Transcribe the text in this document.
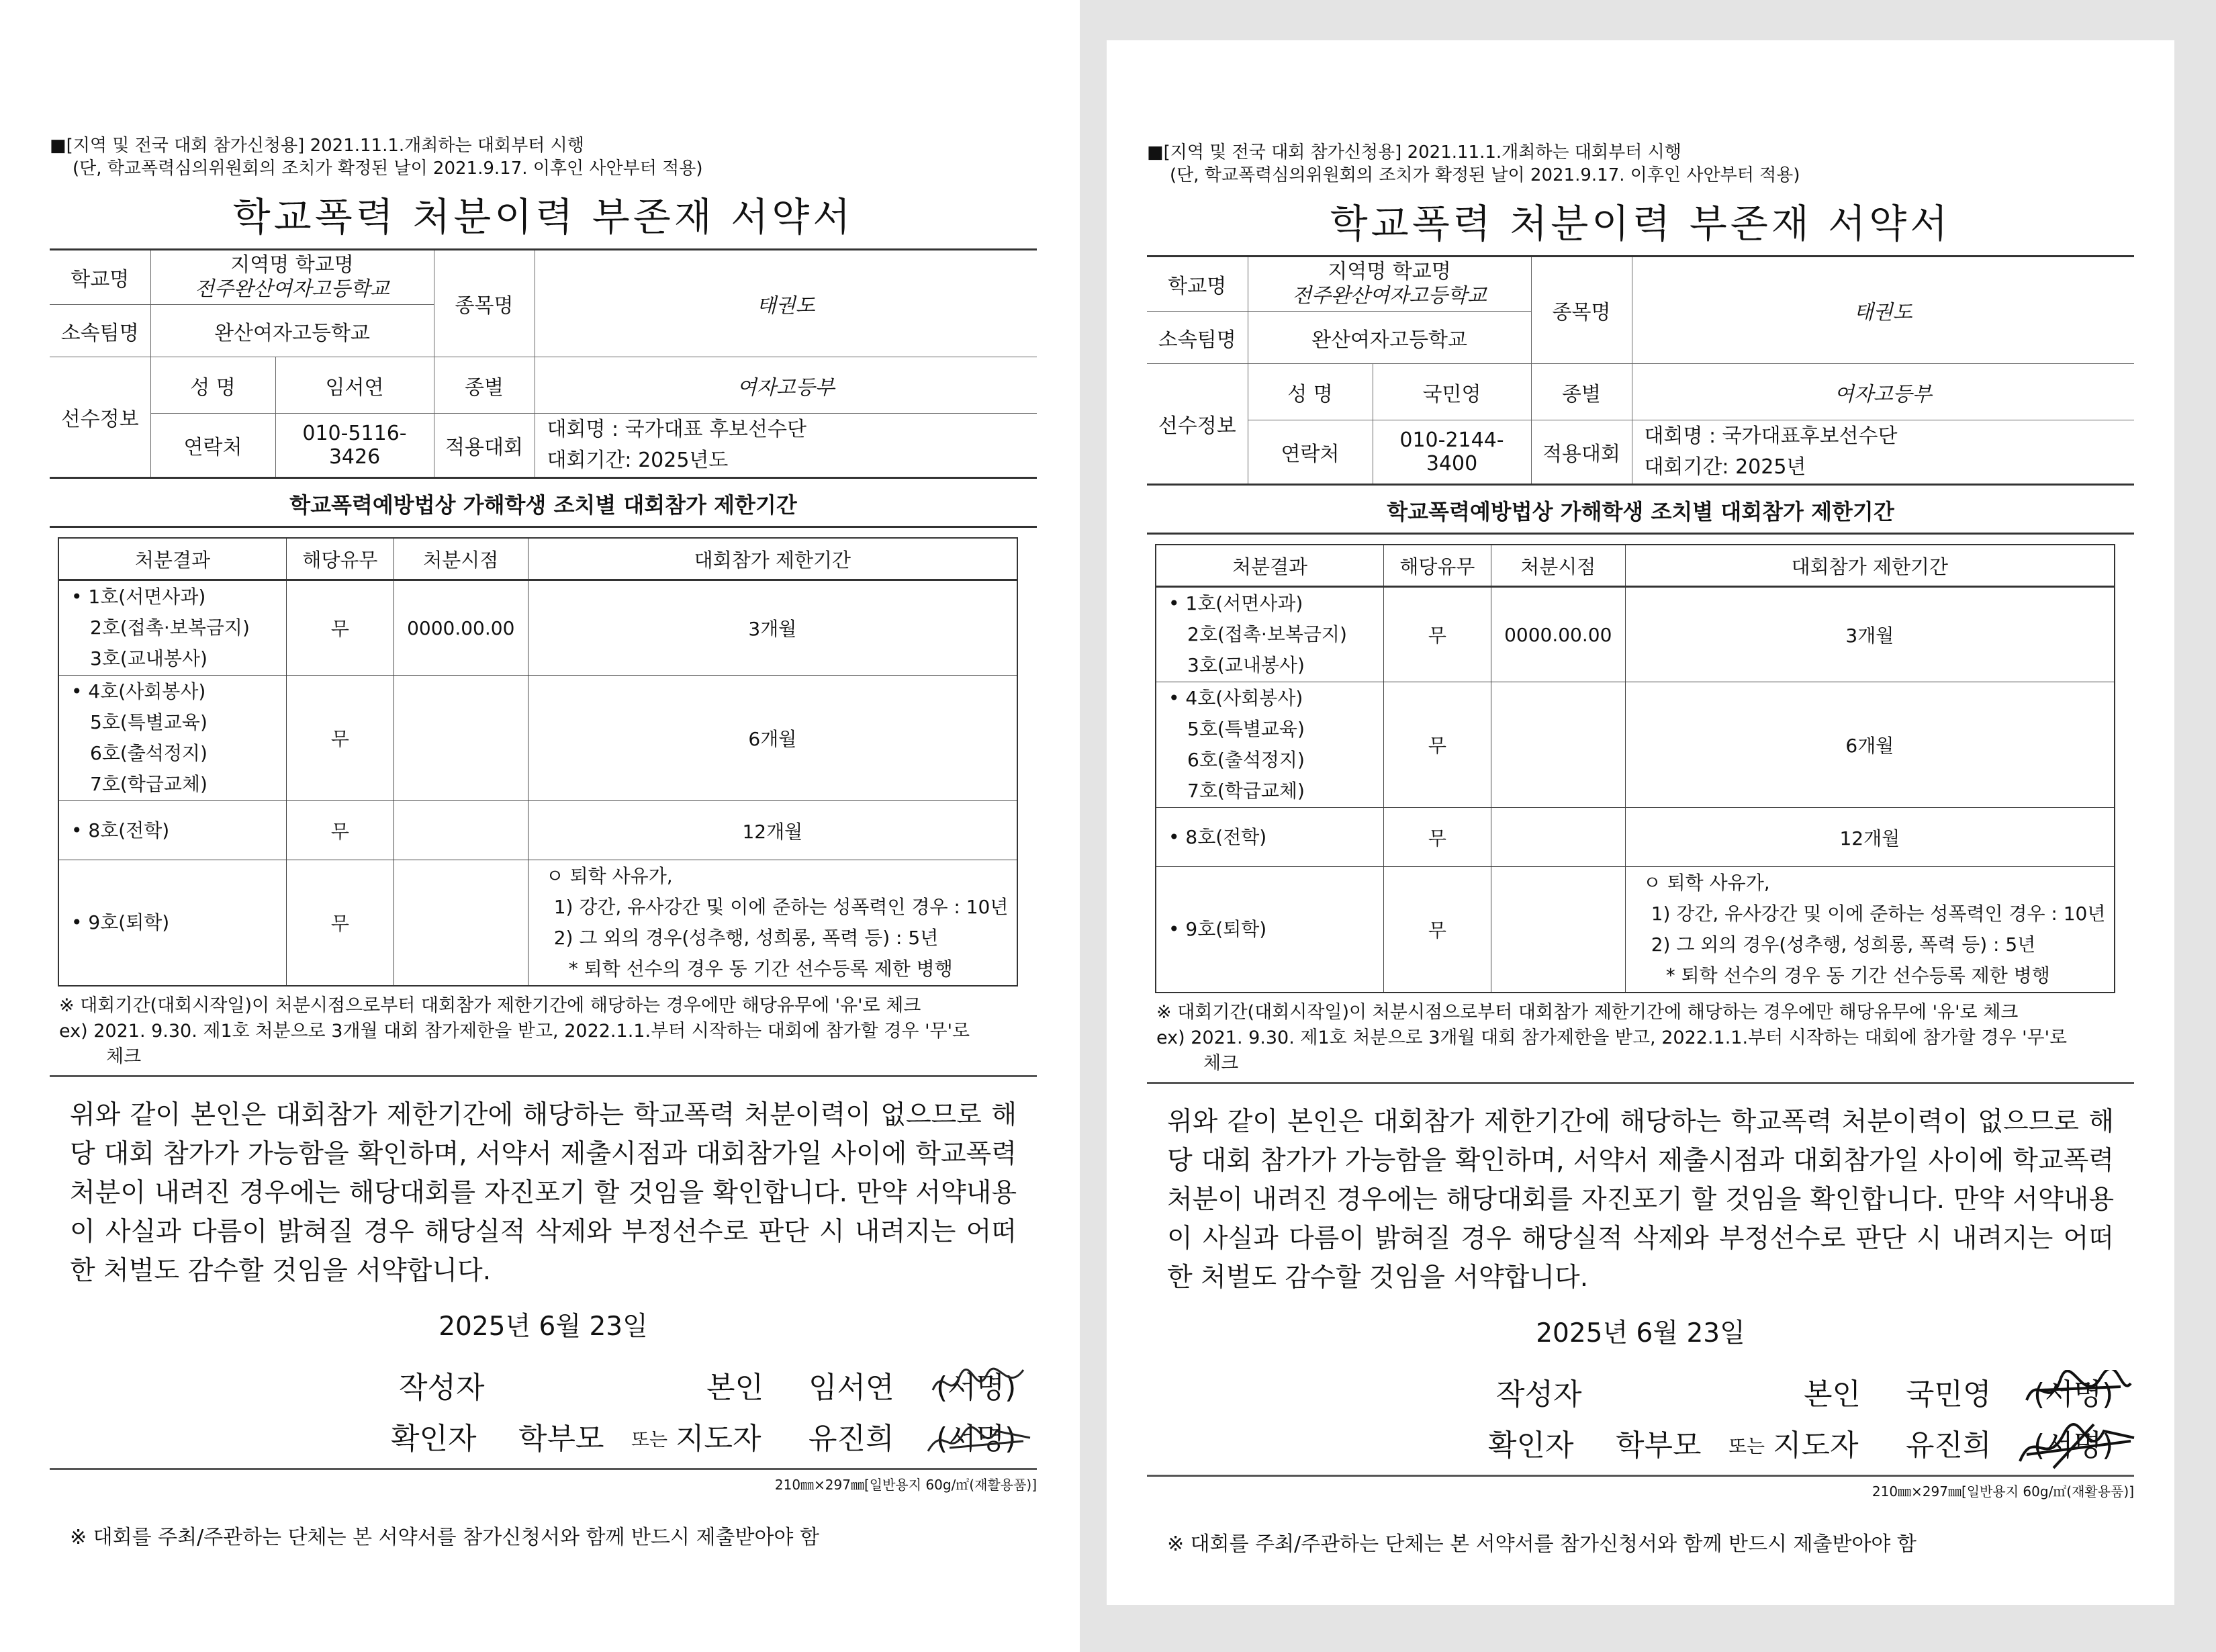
■[지역 및 전국 대회 참가신청용] 2021.11.1.개최하는 대회부터 시행

(단, 학교폭력심의위원회의 조치가 확정된 날이 2021.9.17. 이후인 사안부터 적용)

학교폭력 처분이력 부존재 서약서
학교명	지역명 학교명
전주완산여자고등학교		종목명	태권도
소속팀명	완산여자고등학교			
선수정보	성 명	임서연	종별	여자고등부
	연락처	010-5116-3426	적용대회	대회명 : 국가대표 후보선수단
대회기간: 2025년도
학교폭력예방법상 가해학생 조치별 대회참가 제한기간
처분결과	해당유무	처분시점	대회참가 제한기간
• 1호(서면사과)
2호(접촉·보복금지)
3호(교내봉사)	무	0000.00.00	3개월
• 4호(사회봉사)
5호(특별교육)
6호(출석정지)
7호(학급교체)	무		6개월
• 8호(전학)	무		12개월
• 9호(퇴학)	무		ㅇ 퇴학 사유가,
1) 강간, 유사강간 및 이에 준하는 성폭력인 경우 : 10년
2) 그 외의 경우(성추행, 성희롱, 폭력 등) : 5년
* 퇴학 선수의 경우 동 기간 선수등록 제한 병행
※ 대회기간(대회시작일)이 처분시점으로부터 대회참가 제한기간에 해당하는 경우에만 해당유무에 '유'로 체크
ex) 2021. 9.30. 제1호 처분으로 3개월 대회 참가제한을 받고, 2022.1.1.부터 시작하는 대회에 참가할 경우 '무'로
체크

위와 같이 본인은 대회참가 제한기간에 해당하는 학교폭력 처분이력이 없으므로 해당 대회 참가가 가능함을 확인하며, 서약서 제출시점과 대회참가일 사이에 학교폭력 처분이 내려진 경우에는 해당대회를 자진포기 할 것임을 확인합니다. 만약 서약내용이 사실과 다름이 밝혀질 경우 해당실적 삭제와 부정선수로 판단 시 내려지는 어떠한 처벌도 감수할 것임을 서약합니다.

2025년 6월 23일
작성자	본인 임서연 (서명)
확인자 학부모 또는 지도자 유진희 (서명)
210㎜×297㎜[일반용지 60g/㎡(재활용품)]
※ 대회를 주최/주관하는 단체는 본 서약서를 참가신청서와 함께 반드시 제출받아야 함

■[지역 및 전국 대회 참가신청용] 2021.11.1.개최하는 대회부터 시행

(단, 학교폭력심의위원회의 조치가 확정된 날이 2021.9.17. 이후인 사안부터 적용)

학교폭력 처분이력 부존재 서약서
학교명	지역명 학교명
전주완산여자고등학교		종목명	태권도
소속팀명	완산여자고등학교			
선수정보	성 명	국민영	종별	여자고등부
	연락처	010-2144-3400	적용대회	대회명 : 국가대표후보선수단
대회기간: 2025년
학교폭력예방법상 가해학생 조치별 대회참가 제한기간
처분결과	해당유무	처분시점	대회참가 제한기간
• 1호(서면사과)
2호(접촉·보복금지)
3호(교내봉사)	무	0000.00.00	3개월
• 4호(사회봉사)
5호(특별교육)
6호(출석정지)
7호(학급교체)	무		6개월
• 8호(전학)	무		12개월
• 9호(퇴학)	무		ㅇ 퇴학 사유가,
1) 강간, 유사강간 및 이에 준하는 성폭력인 경우 : 10년
2) 그 외의 경우(성추행, 성희롱, 폭력 등) : 5년
* 퇴학 선수의 경우 동 기간 선수등록 제한 병행
※ 대회기간(대회시작일)이 처분시점으로부터 대회참가 제한기간에 해당하는 경우에만 해당유무에 '유'로 체크
ex) 2021. 9.30. 제1호 처분으로 3개월 대회 참가제한을 받고, 2022.1.1.부터 시작하는 대회에 참가할 경우 '무'로
체크

위와 같이 본인은 대회참가 제한기간에 해당하는 학교폭력 처분이력이 없으므로 해당 대회 참가가 가능함을 확인하며, 서약서 제출시점과 대회참가일 사이에 학교폭력 처분이 내려진 경우에는 해당대회를 자진포기 할 것임을 확인합니다. 만약 서약내용이 사실과 다름이 밝혀질 경우 해당실적 삭제와 부정선수로 판단 시 내려지는 어떠한 처벌도 감수할 것임을 서약합니다.

2025년 6월 23일
작성자	본인 국민영 (서명)
확인자 학부모 또는 지도자 유진희 (서명)
210㎜×297㎜[일반용지 60g/㎡(재활용품)]
※ 대회를 주최/주관하는 단체는 본 서약서를 참가신청서와 함께 반드시 제출받아야 함
